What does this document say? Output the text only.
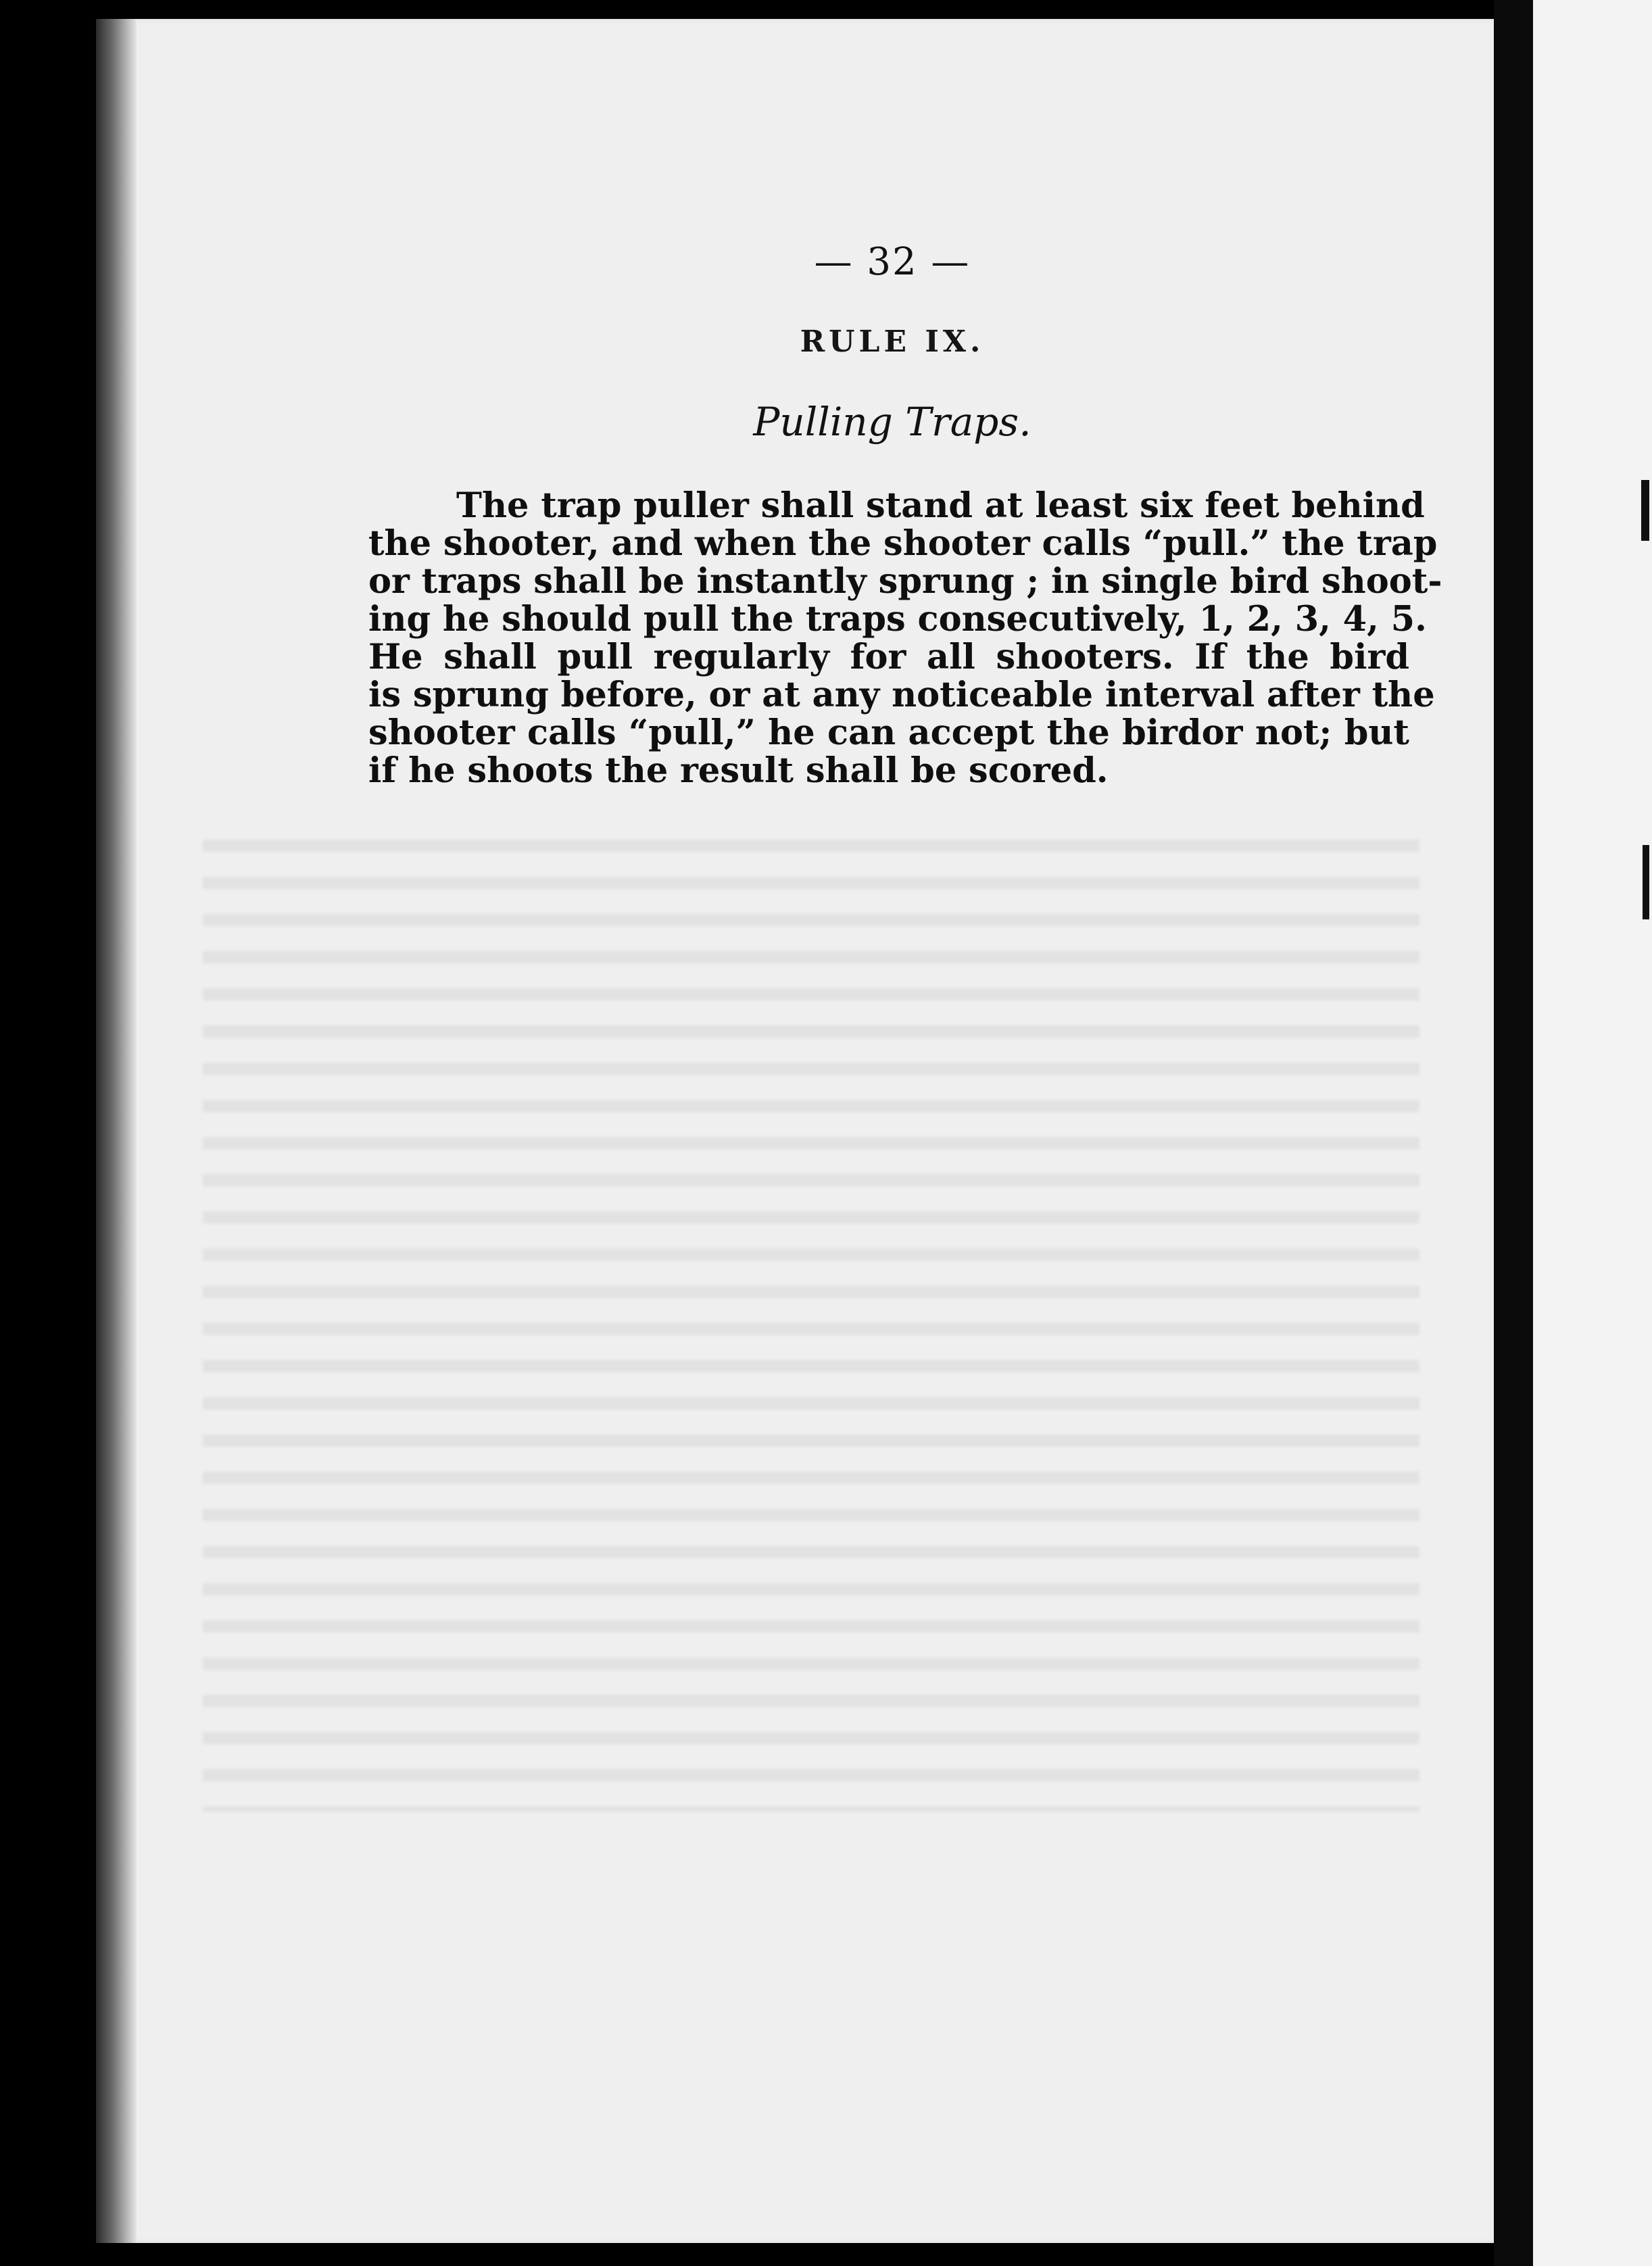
— 32 —
RULE IX.
Pulling Traps.
The trap puller shall stand at least six feet behind
the shooter, and when the shooter calls “pull.” the trap
or traps shall be instantly sprung ; in single bird shoot-
ing he should pull the traps consecutively, 1, 2, 3, 4, 5.
He shall pull regularly for all shooters. If the bird
is sprung before, or at any noticeable interval after the
shooter calls “pull,” he can accept the birdor not; but
if he shoots the result shall be scored.
